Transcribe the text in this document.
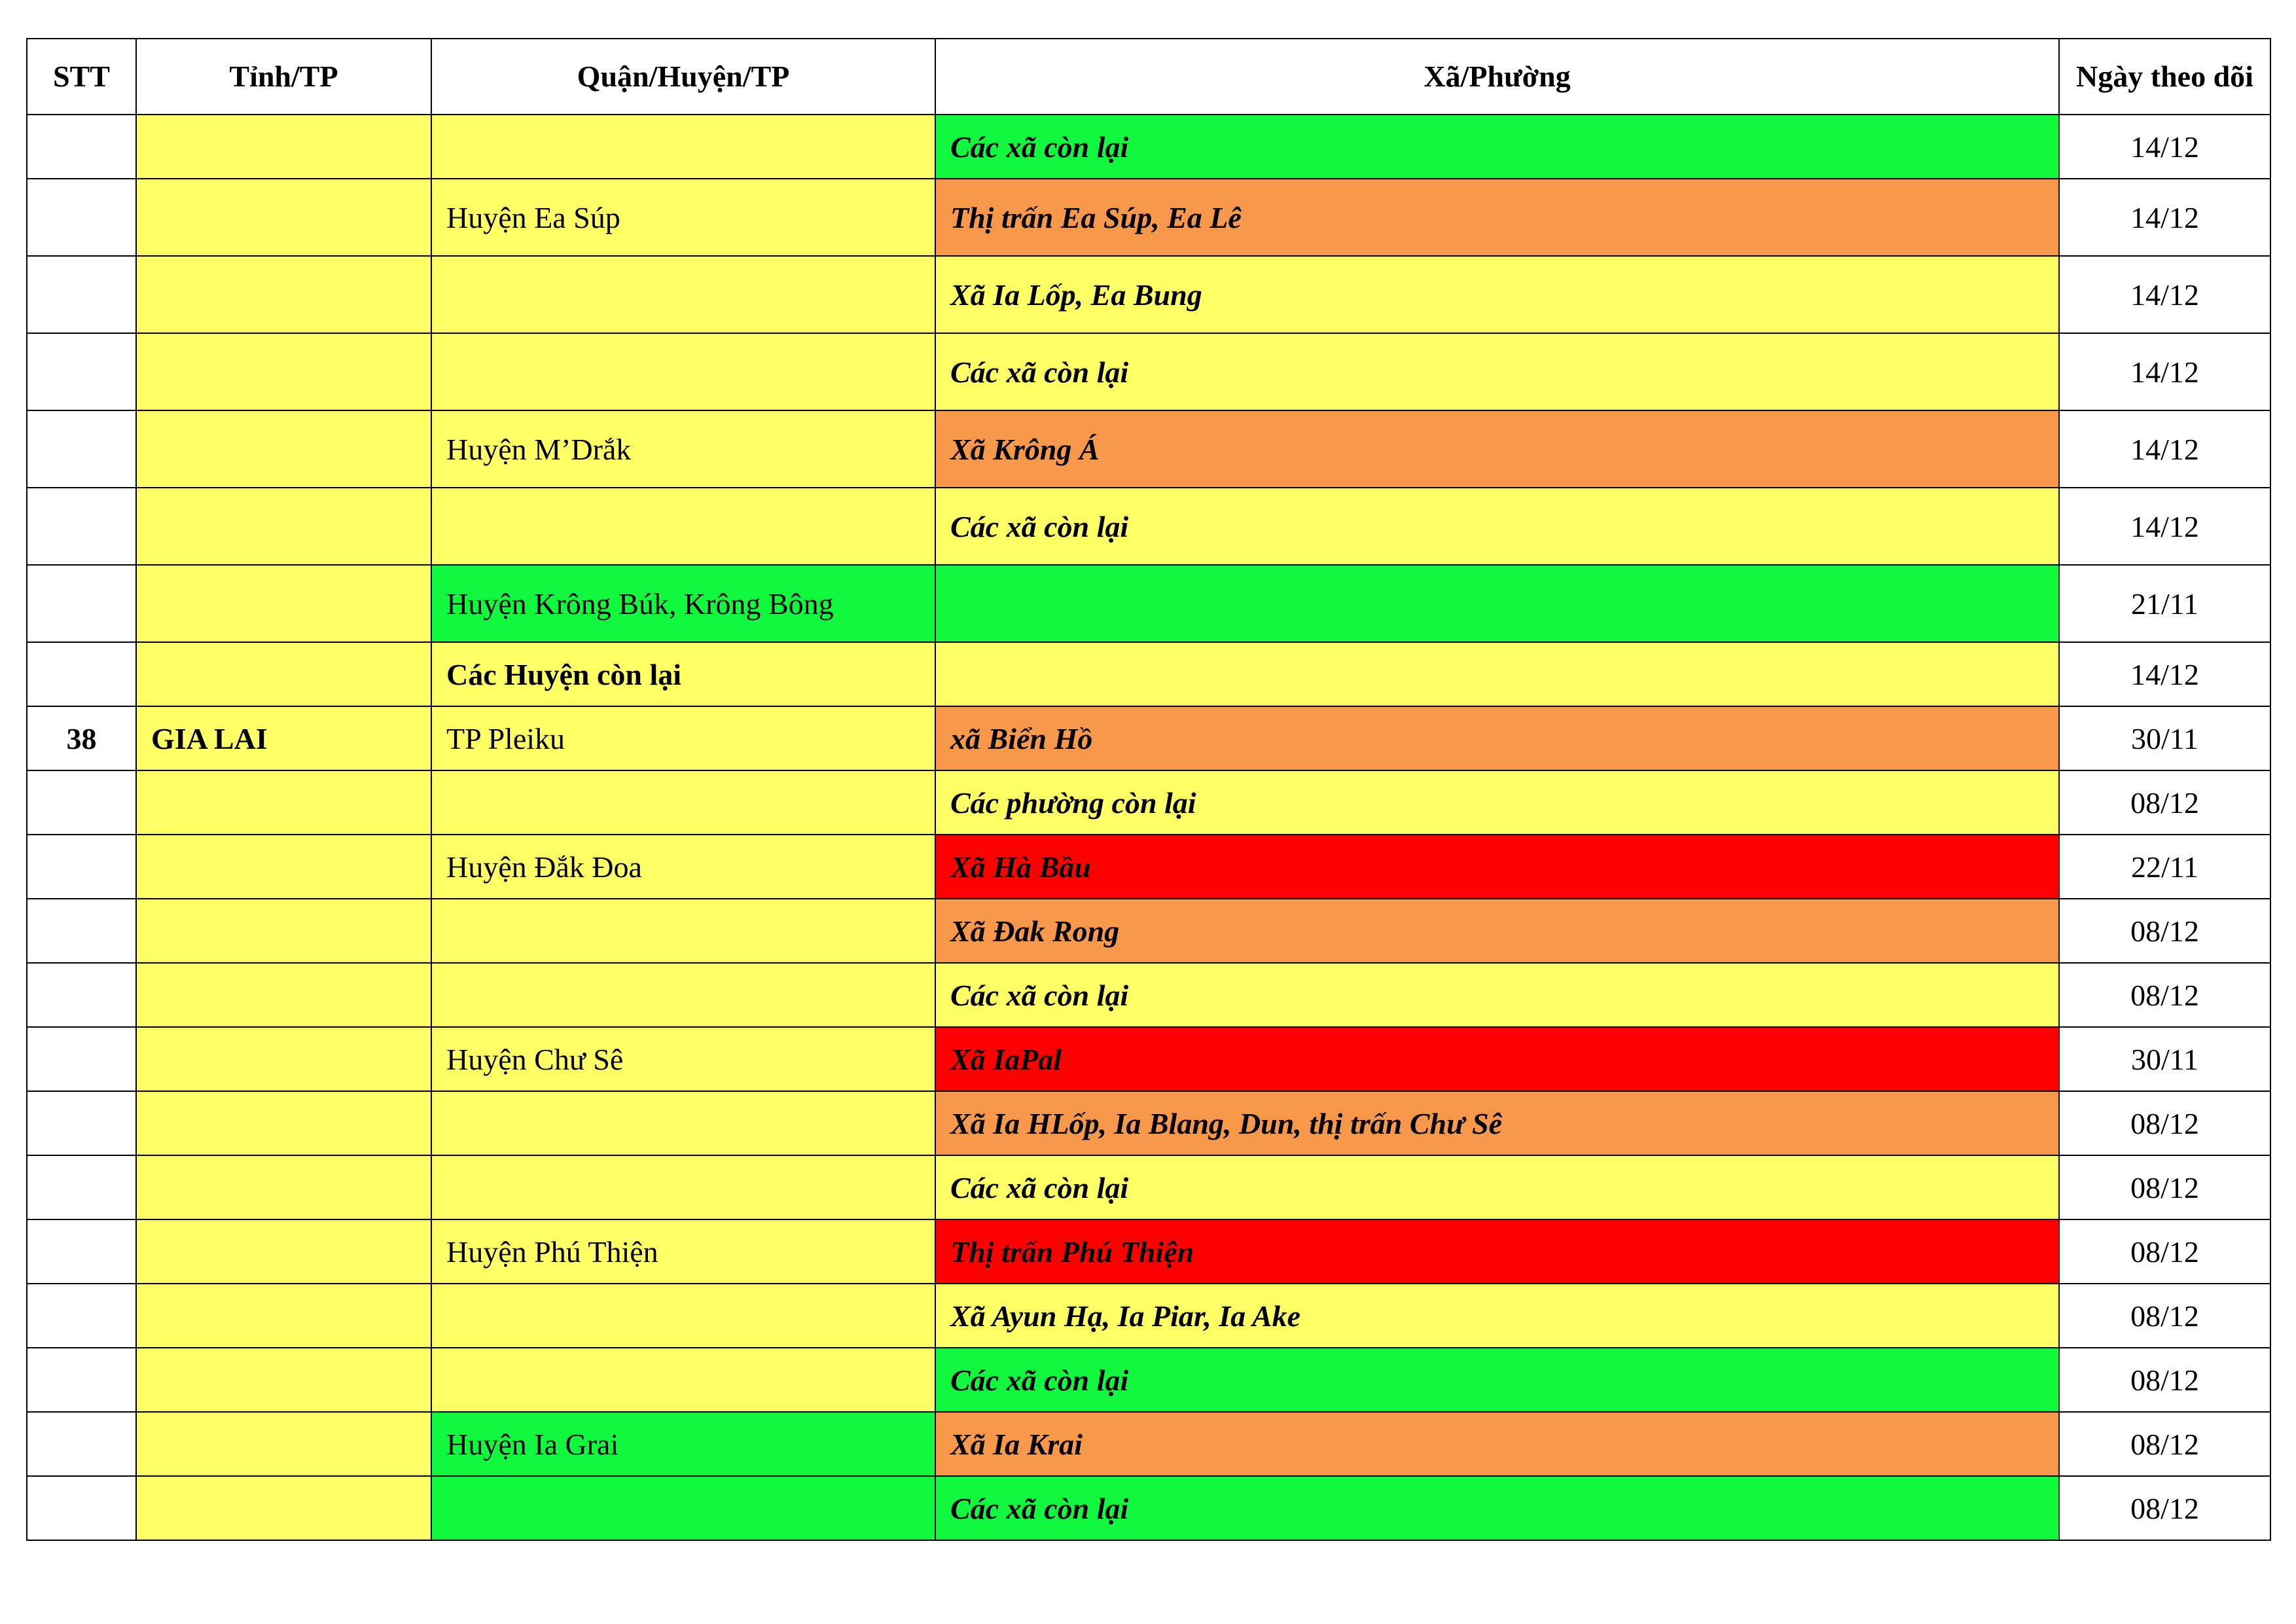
STT	Tỉnh/TP	Quận/Huyện/TP	Xã/Phường	Ngày theo dõi
			Các xã còn lại	14/12
		Huyện Ea Súp	Thị trấn Ea Súp, Ea Lê	14/12
			Xã Ia Lốp, Ea Bung	14/12
			Các xã còn lại	14/12
		Huyện M’Drắk	Xã Krông Á	14/12
			Các xã còn lại	14/12
		Huyện Krông Búk, Krông Bông		21/11
		Các Huyện còn lại		14/12
38	GIA LAI	TP Pleiku	xã Biển Hồ	30/11
			Các phường còn lại	08/12
		Huyện Đắk Đoa	Xã Hà Bầu	22/11
			Xã Đak Rong	08/12
			Các xã còn lại	08/12
		Huyện Chư Sê	Xã IaPal	30/11
			Xã Ia HLốp, Ia Blang, Dun, thị trấn Chư Sê	08/12
			Các xã còn lại	08/12
		Huyện Phú Thiện	Thị trấn Phú Thiện	08/12
			Xã Ayun Hạ, Ia Piar, Ia Ake	08/12
			Các xã còn lại	08/12
		Huyện Ia Grai	Xã Ia Krai	08/12
			Các xã còn lại	08/12
